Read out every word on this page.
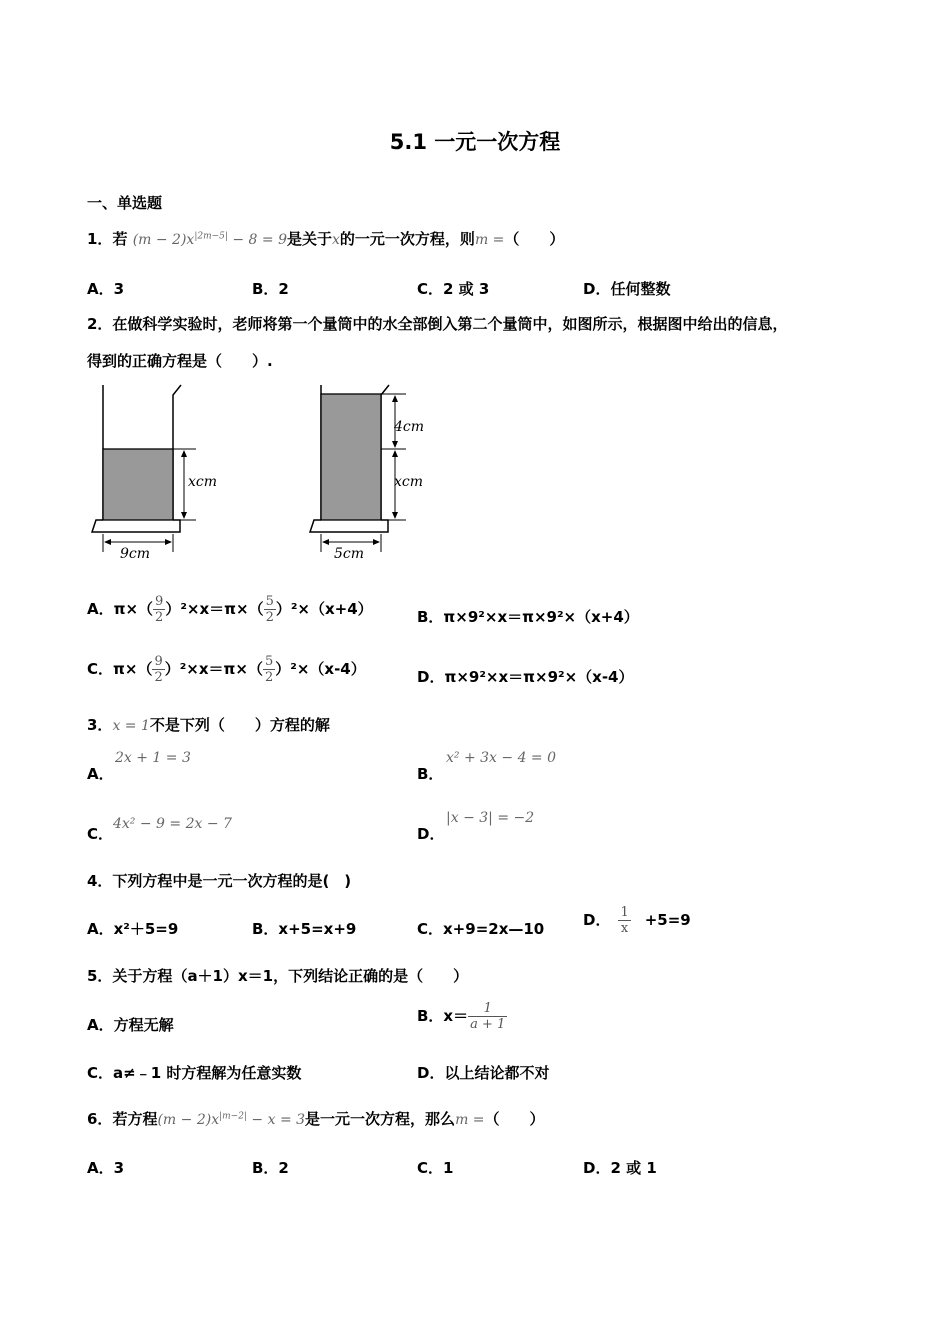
5.1 一元一次方程
一、单选题
1．若 $(m - 2)x^{|2m-5|} - 8 = 9$是关于x的一元一次方程，则m =（　　）
A．3	B．2	C．2 或 3	D．任何整数
2．在做科学实验时，老师将第一个量筒中的水全部倒入第二个量筒中，如图所示，根据图中给出的信息，
得到的正确方程是（　　）.
xcm
9cm
4cm
xcm
5cm
A．$\pi\times( \frac{9}{2} )^2\times x=\pi\times( \frac{5}{2} )^2\times(x+4)$	B．π×9²×x＝π×9²×（x+4）
C．$\pi\times( \frac{9}{2} )^2\times x=\pi\times( \frac{5}{2} )^2\times(x-4)$	D．π×9²×x＝π×9²×（x-4）
3．x = 1不是下列（　　）方程的解
A．
2x + 1 = 3
B．
x² + 3x − 4 = 0
C．
4x² − 9 = 2x − 7
D．
|x − 3| = −2
4．下列方程中是一元一次方程的是(　)
A．x²＋5=9	B．x+5=x+9	C．x+9=2x—10	D． $\frac{1}{x} +5=9$
5．关于方程（a＋1）x＝1，下列结论正确的是（　　）
A．方程无解	B．$x= \frac{1}{a + 1}$
C．a≠﹣1 时方程解为任意实数	D．以上结论都不对
6．若方程$(m - 2)x^{|m-2|} - x = 3$是一元一次方程，那么m =（　　）
A．3	B．2	C．1	D．2 或 1
